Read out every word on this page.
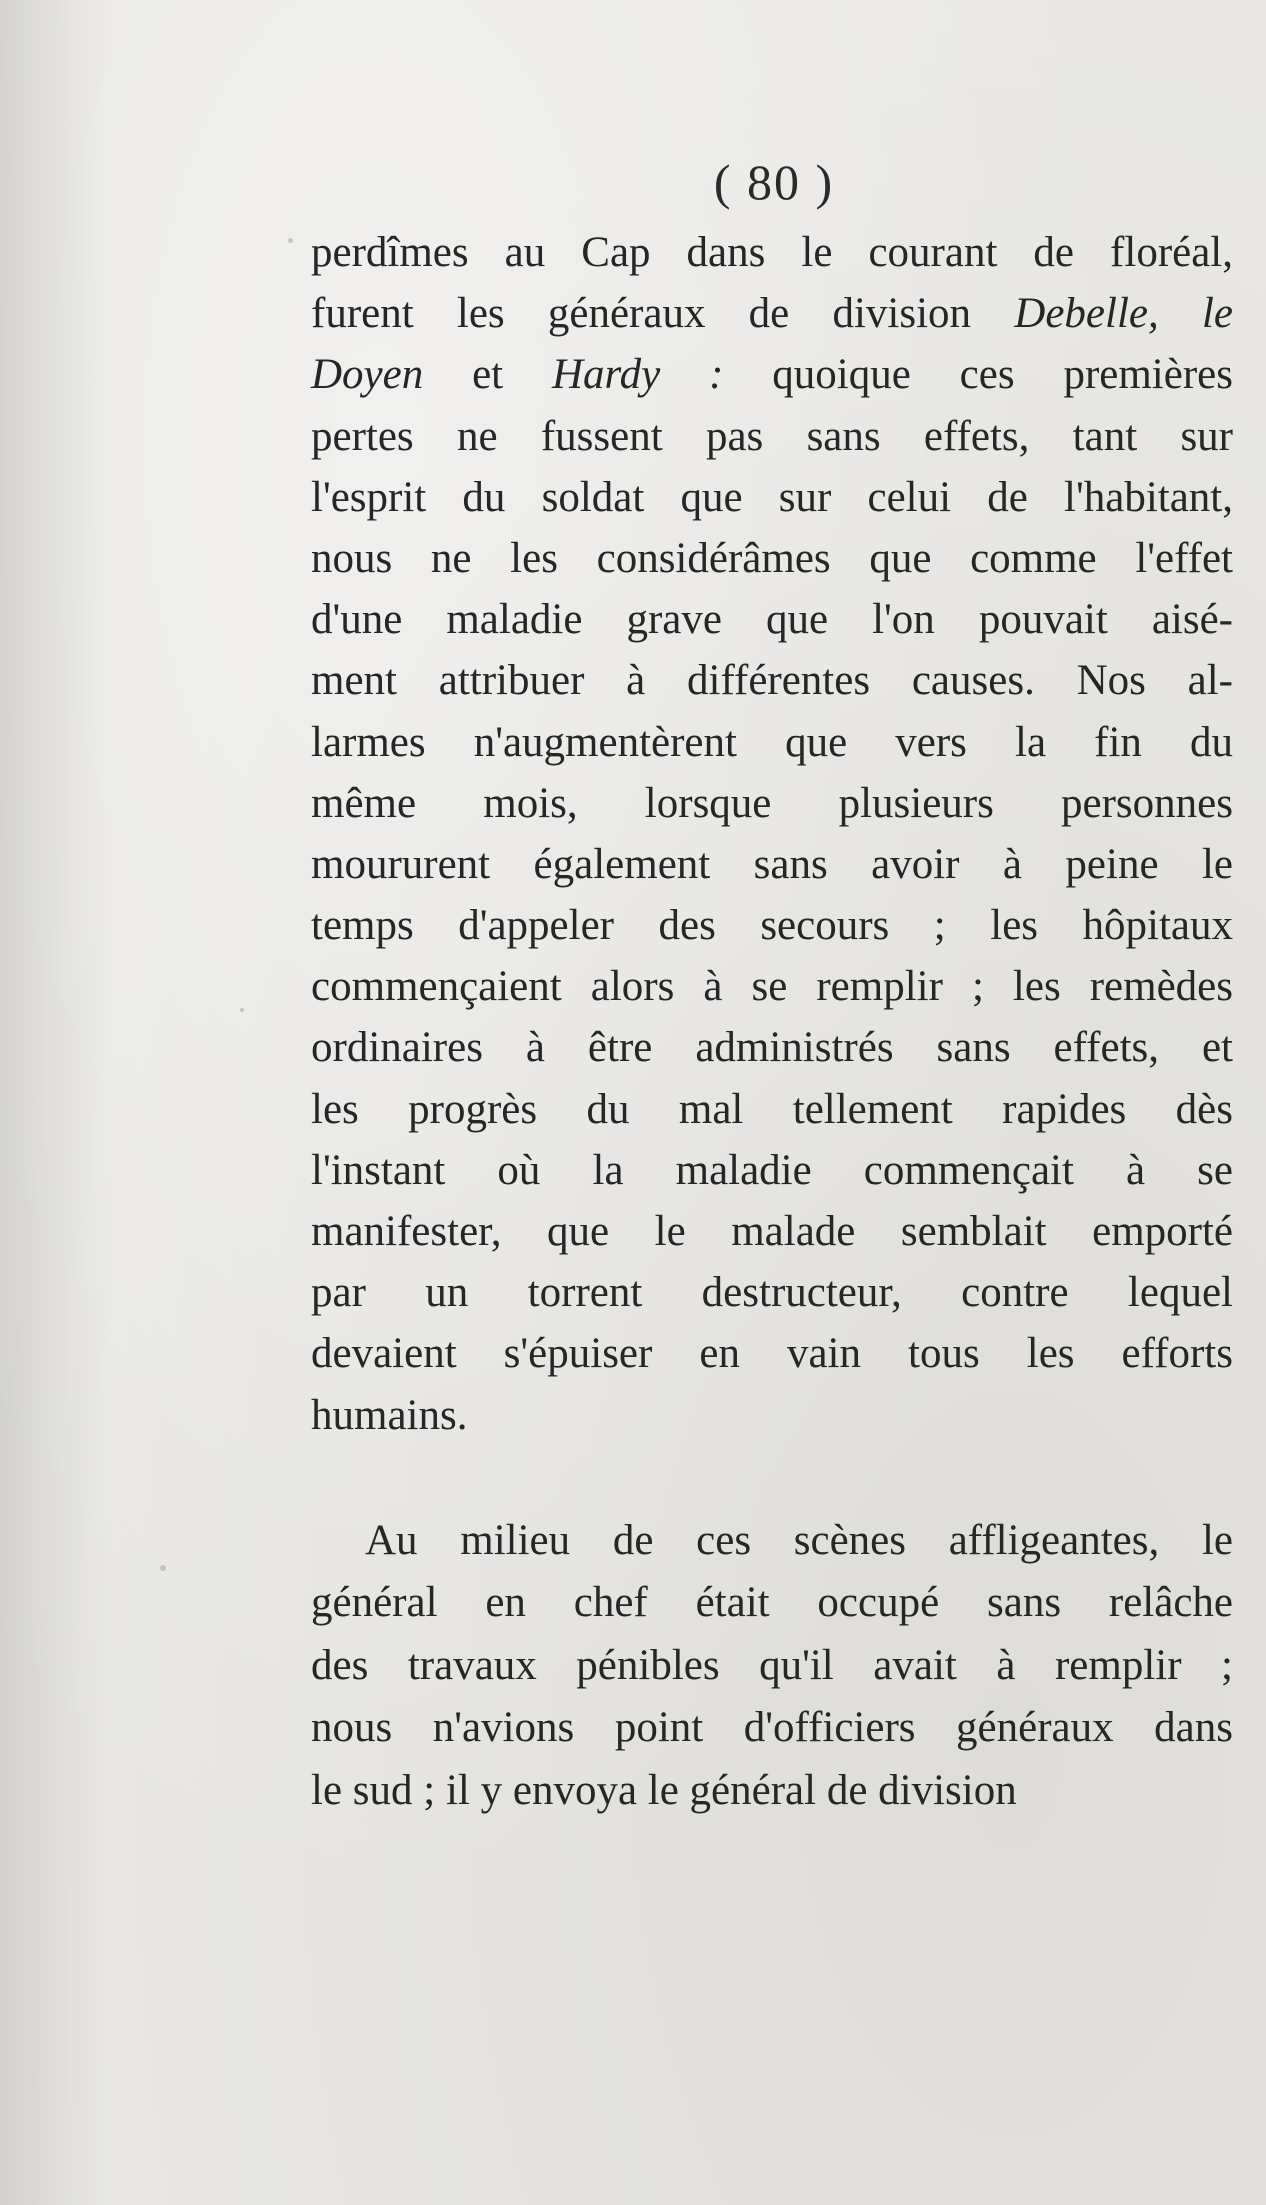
( 80 )
perdîmes au Cap dans le courant de floréal,
furent les généraux de division Debelle, le
Doyen et Hardy : quoique ces premières
pertes ne fussent pas sans effets, tant sur
l'esprit du soldat que sur celui de l'habitant,
nous ne les considérâmes que comme l'effet
d'une maladie grave que l'on pouvait aisé-
ment attribuer à différentes causes. Nos al-
larmes n'augmentèrent que vers la fin du
même mois, lorsque plusieurs personnes
moururent également sans avoir à peine le
temps d'appeler des secours ; les hôpitaux
commençaient alors à se remplir ; les remèdes
ordinaires à être administrés sans effets, et
les progrès du mal tellement rapides dès
l'instant où la maladie commençait à se
manifester, que le malade semblait emporté
par un torrent destructeur, contre lequel
devaient s'épuiser en vain tous les efforts
humains.
Au milieu de ces scènes affligeantes, le
général en chef était occupé sans relâche
des travaux pénibles qu'il avait à remplir ;
nous n'avions point d'officiers généraux dans
le sud ; il y envoya le général de division
